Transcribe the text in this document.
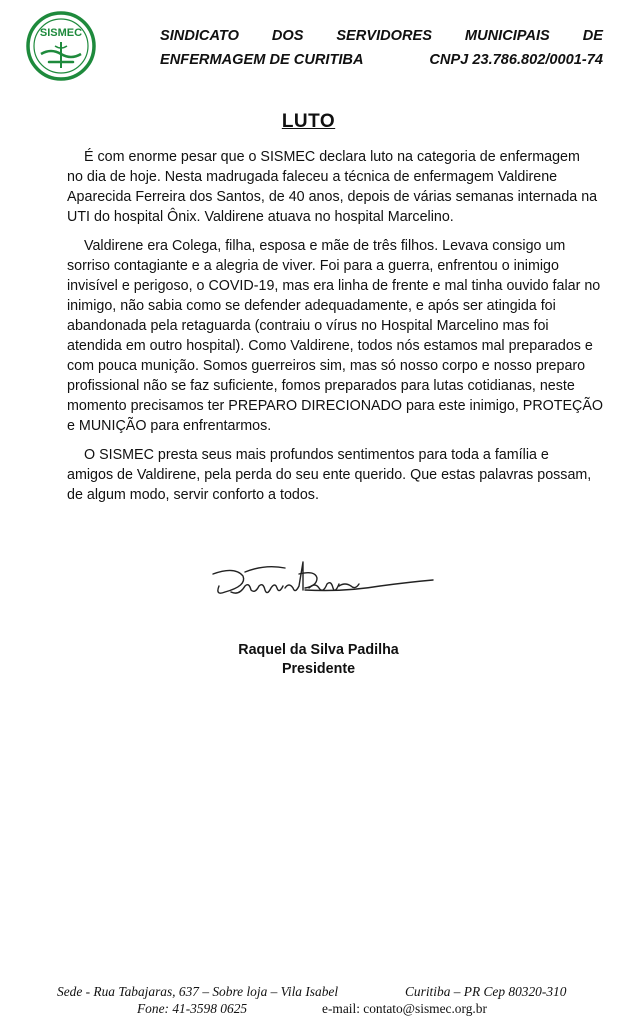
SISMEC	SINDICATO DOS SERVIDORES MUNICIPAIS DE
ENFERMAGEM DE CURITIBA	CNPJ 23.786.802/0001-74
LUTO

É com enorme pesar que o SISMEC declara luto na categoria de enfermagem
no dia de hoje. Nesta madrugada faleceu a técnica de enfermagem Valdirene
Aparecida Ferreira dos Santos, de 40 anos, depois de várias semanas internada na
UTI do hospital Ônix. Valdirene atuava no hospital Marcelino.

Valdirene era Colega, filha, esposa e mãe de três filhos. Levava consigo um
sorriso contagiante e a alegria de viver. Foi para a guerra, enfrentou o inimigo
invisível e perigoso, o COVID-19, mas era linha de frente e mal tinha ouvido falar no
inimigo, não sabia como se defender adequadamente, e após ser atingida foi
abandonada pela retaguarda (contraiu o vírus no Hospital Marcelino mas foi
atendida em outro hospital). Como Valdirene, todos nós estamos mal preparados e
com pouca munição. Somos guerreiros sim, mas só nosso corpo e nosso preparo
profissional não se faz suficiente, fomos preparados para lutas cotidianas, neste
momento precisamos ter PREPARO DIRECIONADO para este inimigo, PROTEÇÃO
e MUNIÇÃO para enfrentarmos.

O SISMEC presta seus mais profundos sentimentos para toda a família e
amigos de Valdirene, pela perda do seu ente querido. Que estas palavras possam,
de algum modo, servir conforto a todos.

Raquel da Silva Padilha
Presidente
Sede - Rua Tabajaras, 637 – Sobre loja – Vila Isabel	Curitiba – PR Cep 80320-310
Fone: 41-3598 0625	e-mail: contato@sismec.org.br
